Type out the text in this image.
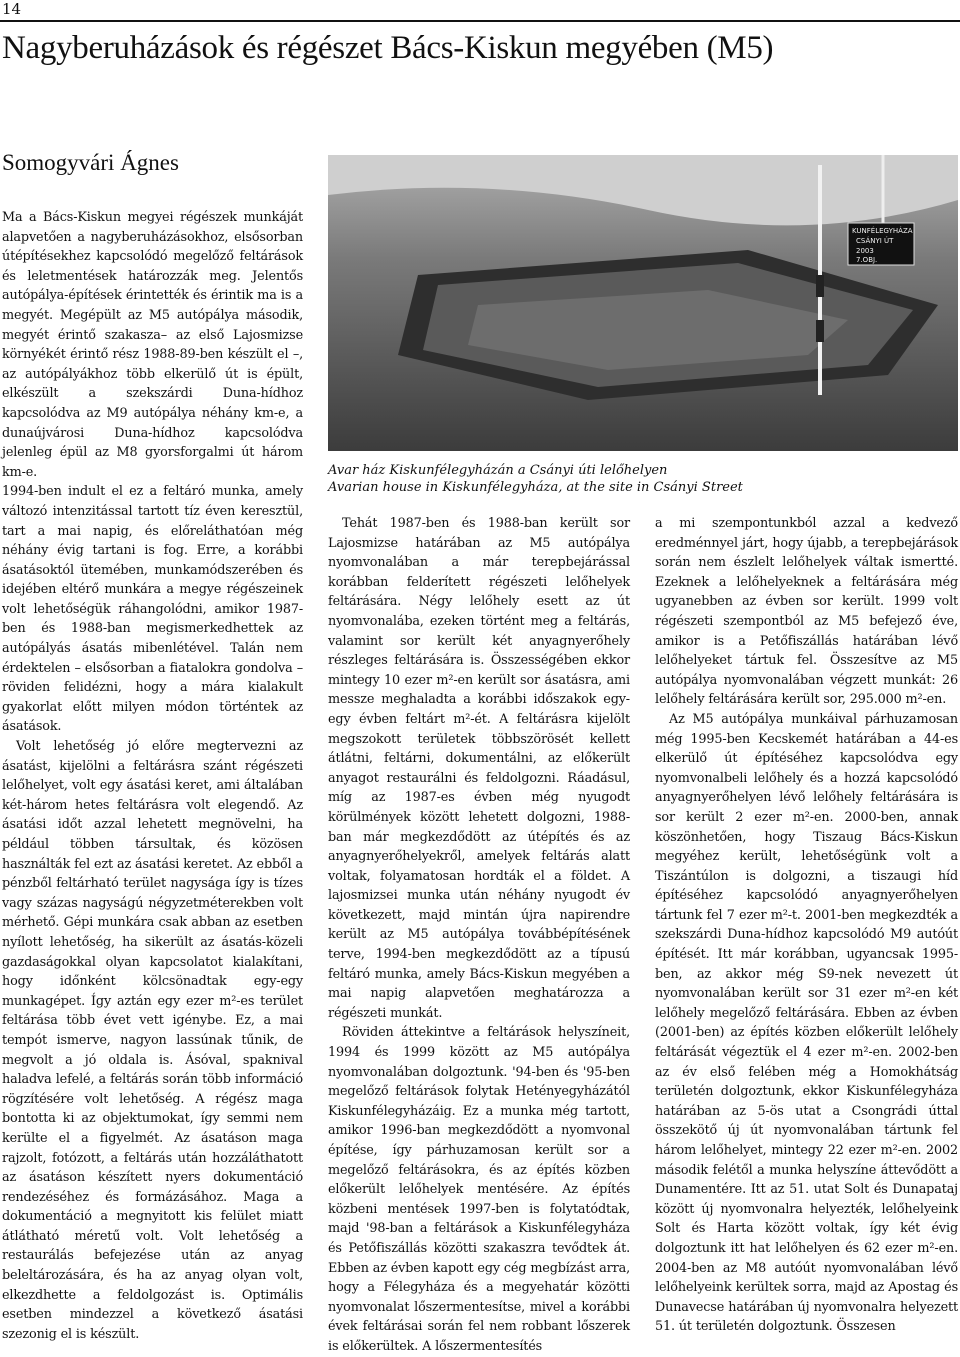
14
Nagyberuházások és régészet Bács-Kiskun megyében (M5)
Somogyvári Ágnes

Ma a Bács-Kiskun megyei régészek munkáját alapvetően a nagyberuházásokhoz, elsősorban útépítésekhez kapcsolódó megelőző feltárások és leletmentések határozzák meg. Jelentős autópálya-építések érintették és érintik ma is a megyét. Megépült az M5 autópálya második, megyét érintő szakasza– az első Lajosmizse környékét érintő rész 1988-89-ben készült el –, az autópályákhoz több elkerülő út is épült, elkészült a szekszárdi Duna-hídhoz kapcsolódva az M9 autópálya néhány km-e, a dunaújvárosi Duna-hídhoz kapcsolódva jelenleg épül az M8 gyorsforgalmi út három km-e.

1994-ben indult el ez a feltáró munka, amely változó intenzitással tartott tíz éven keresztül, tart a mai napig, és előreláthatóan még néhány évig tartani is fog. Erre, a korábbi ásatásoktól ütemében, munkamódszerében és idejében eltérő munkára a megye régészeinek volt lehetőségük ráhangolódni, amikor 1987-ben és 1988-ban megismerkedhettek az autópályás ásatás mibenlétével. Talán nem érdektelen – elsősorban a fiatalokra gondolva – röviden felidézni, hogy a mára kialakult gyakorlat előtt milyen módon történtek az ásatások.

Volt lehetőség jó előre megtervezni az ásatást, kijelölni a feltárásra szánt régészeti lelőhelyet, volt egy ásatási keret, ami általában két-három hetes feltárásra volt elegendő. Az ásatási időt azzal lehetett megnövelni, ha például többen társultak, és közösen használták fel ezt az ásatási keretet. Az ebből a pénzből feltárható terület nagysága így is tízes vagy százas nagyságú négyzetméterekben volt mérhető. Gépi munkára csak abban az esetben nyílott lehetőség, ha sikerült az ásatás-közeli gazdaságokkal olyan kapcsolatot kialakítani, hogy időnként kölcsönadtak egy-egy munkagépet. Így aztán egy ezer m²-es terület feltárása több évet vett igénybe. Ez, a mai tempót ismerve, nagyon lassúnak tűnik, de megvolt a jó oldala is. Ásóval, spaknival haladva lefelé, a feltárás során több információ rögzítésére volt lehetőség. A régész maga bontotta ki az objektumokat, így semmi nem kerülte el a figyelmét. Az ásatáson maga rajzolt, fotózott, a feltárás után hozzáláthatott az ásatáson készített nyers dokumentáció rendezéséhez és formázásához. Maga a dokumentáció a megnyitott kis felület miatt átlátható méretű volt. Volt lehetőség a restaurálás befejezése után az anyag beleltározására, és ha az anyag olyan volt, elkezdhette a feldolgozást is. Optimális esetben mindezzel a következő ásatási szezonig el is készült.

KUNFÉLEGYHÁZA
CSÁNYI ÚT
2003
7.OBJ.
Avar ház Kiskunfélegyházán a Csányi úti lelőhelyen
Avarian house in Kiskunfélegyháza, at the site in Csányi Street

Tehát 1987-ben és 1988-ban került sor Lajosmizse határában az M5 autópálya nyomvonalában a már terepbejárással korábban felderített régészeti lelőhelyek feltárására. Négy lelőhely esett az út nyomvonalába, ezeken történt meg a feltárás, valamint sor került két anyagnyerőhely részleges feltárására is. Összességében ekkor mintegy 10 ezer m²-en került sor ásatásra, ami messze meghaladta a korábbi időszakok egy-egy évben feltárt m²-ét. A feltárásra kijelölt megszokott területek többszörösét kellett átlátni, feltárni, dokumentálni, az előkerült anyagot restaurálni és feldolgozni. Ráadásul, míg az 1987-es évben még nyugodt körülmények között lehetett dolgozni, 1988-ban már megkezdődött az útépítés és az anyagnyerőhelyekről, amelyek feltárás alatt voltak, folyamatosan hordták el a földet. A lajosmizsei munka után néhány nyugodt év következett, majd mintán újra napirendre került az M5 autópálya továbbépítésének terve, 1994-ben megkezdődött az a típusú feltáró munka, amely Bács-Kiskun megyében a mai napig alapvetően meghatározza a régészeti munkát.

Röviden áttekintve a feltárások helyszíneit, 1994 és 1999 között az M5 autópálya nyomvonalában dolgoztunk. '94-ben és '95-ben megelőző feltárások folytak Hetényegyházától Kiskunfélegyházáig. Ez a munka még tartott, amikor 1996-ban megkezdődött a nyomvonal építése, így párhuzamosan került sor a megelőző feltárásokra, és az építés közben előkerült lelőhelyek mentésére. Az építés közbeni mentések 1997-ben is folytatódtak, majd '98-ban a feltárások a Kiskunfélegyháza és Petőfiszállás közötti szakaszra tevődtek át. Ebben az évben kapott egy cég megbízást arra, hogy a Félegyháza és a megyehatár közötti nyomvonalat lőszermentesítse, mivel a korábbi évek feltárásai során fel nem robbant lőszerek is előkerültek. A lőszermentesítés

a mi szempontunkból azzal a kedvező eredménnyel járt, hogy újabb, a terepbejárások során nem észlelt lelőhelyek váltak ismertté. Ezeknek a lelőhelyeknek a feltárására még ugyanebben az évben sor került. 1999 volt régészeti szempontból az M5 befejező éve, amikor is a Petőfiszállás határában lévő lelőhelyeket tártuk fel. Összesítve az M5 autópálya nyomvonalában végzett munkát: 26 lelőhely feltárására került sor, 295.000 m²-en.

Az M5 autópálya munkáival párhuzamosan még 1995-ben Kecskemét határában a 44-es elkerülő út építéséhez kapcsolódva egy nyomvonalbeli lelőhely és a hozzá kapcsolódó anyagnyerőhelyen lévő lelőhely feltárására is sor került 2 ezer m²-en. 2000-ben, annak köszönhetően, hogy Tiszaug Bács-Kiskun megyéhez került, lehetőségünk volt a Tiszántúlon is dolgozni, a tiszaugi híd építéséhez kapcsolódó anyagnyerőhelyen tártunk fel 7 ezer m²-t. 2001-ben megkezdték a szekszárdi Duna-hídhoz kapcsolódó M9 autóút építését. Itt már korábban, ugyancsak 1995-ben, az akkor még S9-nek nevezett út nyomvonalában került sor 31 ezer m²-en két lelőhely megelőző feltárására. Ebben az évben (2001-ben) az építés közben előkerült lelőhely feltárását végeztük el 4 ezer m²-en. 2002-ben az év első felében még a Homokhátság területén dolgoztunk, ekkor Kiskunfélegyháza határában az 5-ös utat a Csongrádi úttal összekötő új út nyomvonalában tártunk fel három lelőhelyet, mintegy 22 ezer m²-en. 2002 második felétől a munka helyszíne áttevődött a Dunamentére. Itt az 51. utat Solt és Dunapataj között új nyomvonalra helyezték, lelőhelyeink Solt és Harta között voltak, így két évig dolgoztunk itt hat lelőhelyen és 62 ezer m²-en. 2004-ben az M8 autóút nyomvonalában lévő lelőhelyeink kerültek sorra, majd az Apostag és Dunavecse határában új nyomvonalra helyezett 51. út területén dolgoztunk. Összesen
